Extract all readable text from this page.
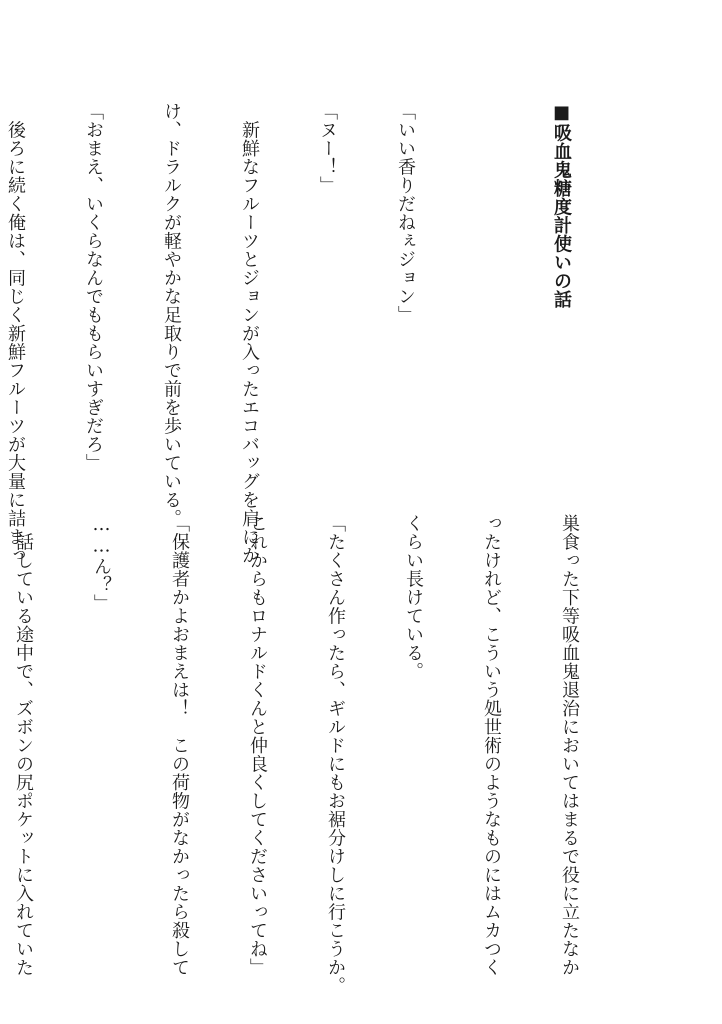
■吸血鬼糖度計使いの話

「いい香りだねぇジョン」

「ヌー！」

　新鮮なフルーツとジョンが入ったエコバッグを肩にか

け、ドラルクが軽やかな足取りで前を歩いている。

「おまえ、いくらなんでももらいすぎだろ」

　後ろに続く俺は、同じく新鮮フルーツが大量に詰まっ

巣食った下等吸血鬼退治においてはまるで役に立たなか

ったけれど、こういう処世術のようなものにはムカつく

くらい長けている。

「たくさん作ったら、ギルドにもお裾分けしに行こうか。

これからもロナルドくんと仲良くしてくださいってね」

「保護者かよおまえは！　この荷物がなかったら殺して

……ん？」

　話している途中で、ズボンの尻ポケットに入れていた
